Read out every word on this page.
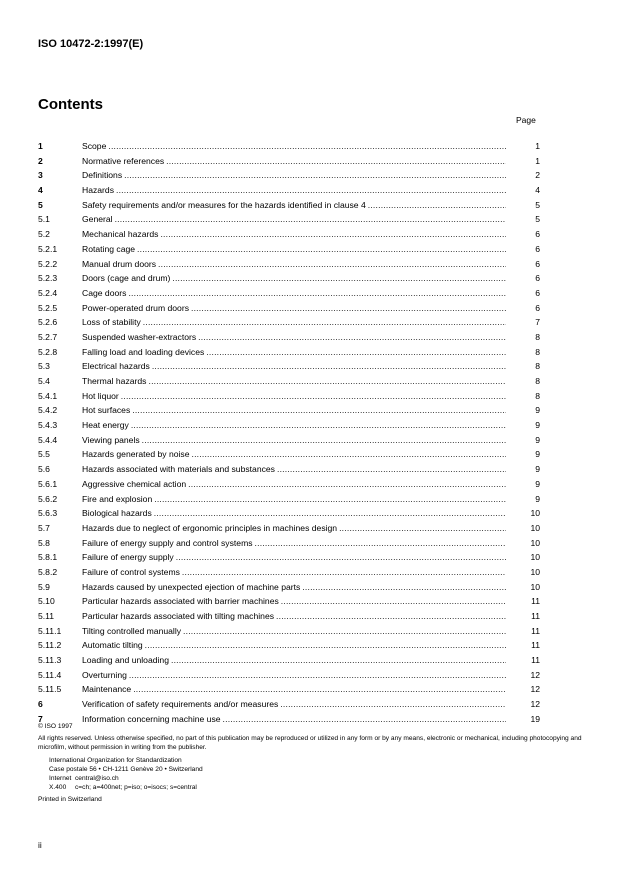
ISO 10472-2:1997(E)
Contents
Page
1	Scope .....	1
2	Normative references .....	1
3	Definitions .....	2
4	Hazards .....	4
5	Safety requirements and/or measures for the hazards identified in clause 4 .....	5
5.1	General .....	5
5.2	Mechanical hazards .....	6
5.2.1	Rotating cage .....	6
5.2.2	Manual drum doors .....	6
5.2.3	Doors (cage and drum) .....	6
5.2.4	Cage doors .....	6
5.2.5	Power-operated drum doors .....	6
5.2.6	Loss of stability .....	7
5.2.7	Suspended washer-extractors .....	8
5.2.8	Falling load and loading devices .....	8
5.3	Electrical hazards .....	8
5.4	Thermal hazards .....	8
5.4.1	Hot liquor .....	8
5.4.2	Hot surfaces .....	9
5.4.3	Heat energy .....	9
5.4.4	Viewing panels .....	9
5.5	Hazards generated by noise .....	9
5.6	Hazards associated with materials and substances .....	9
5.6.1	Aggressive chemical action .....	9
5.6.2	Fire and explosion .....	9
5.6.3	Biological hazards .....	10
5.7	Hazards due to neglect of ergonomic principles in machines design .....	10
5.8	Failure of energy supply and control systems .....	10
5.8.1	Failure of energy supply .....	10
5.8.2	Failure of control systems .....	10
5.9	Hazards caused by unexpected ejection of machine parts .....	10
5.10	Particular hazards associated with barrier machines .....	11
5.11	Particular hazards associated with tilting machines .....	11
5.11.1	Tilting controlled manually .....	11
5.11.2	Automatic tilting .....	11
5.11.3	Loading and unloading .....	11
5.11.4	Overturning .....	12
5.11.5	Maintenance .....	12
6	Verification of safety requirements and/or measures .....	12
7	Information concerning machine use .....	19

© ISO 1997

All rights reserved. Unless otherwise specified, no part of this publication may be reproduced or utilized in any form or by any means, electronic or mechanical, including photocopying and microfilm, without permission in writing from the publisher.

International Organization for Standardization

Case postale 56 • CH-1211 Genève 20 • Switzerland

Internet central@iso.ch
X.400	c=ch; a=400net; p=iso; o=isocs; s=central

Printed in Switzerland

ii
